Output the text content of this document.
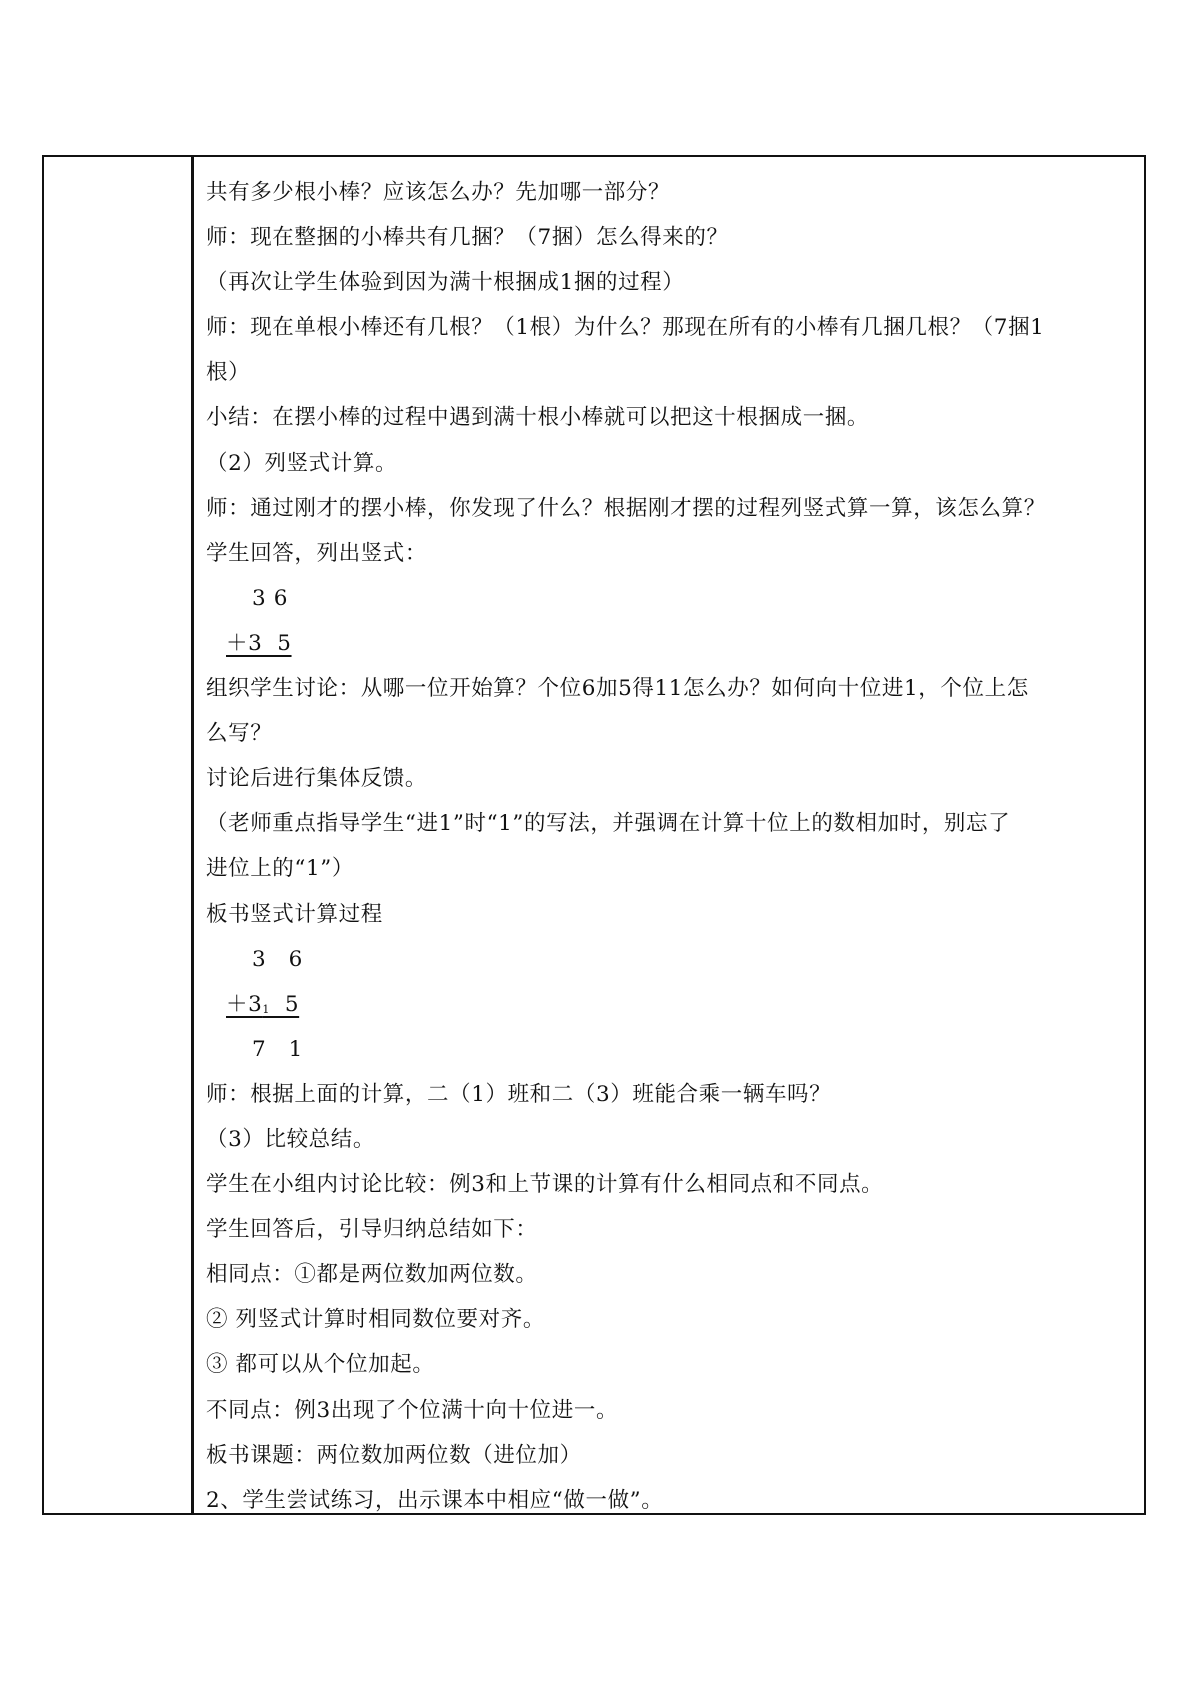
共有多少根小棒？应该怎么办？先加哪一部分？
师：现在整捆的小棒共有几捆？（7捆）怎么得来的？
（再次让学生体验到因为满十根捆成1捆的过程）
师：现在单根小棒还有几根？（1根）为什么？那现在所有的小棒有几捆几根？（7捆1
根）
小结：在摆小棒的过程中遇到满十根小棒就可以把这十根捆成一捆。
（2）列竖式计算。
师：通过刚才的摆小棒，你发现了什么？根据刚才摆的过程列竖式算一算，该怎么算？
学生回答，列出竖式：
3 6
＋3  5
组织学生讨论：从哪一位开始算？个位6加5得11怎么办？如何向十位进1，个位上怎
么写？
讨论后进行集体反馈。
（老师重点指导学生“进1”时“1”的写法，并强调在计算十位上的数相加时，别忘了
进位上的“1”）
板书竖式计算过程
3   6
$+3_1$  5
7   1
师：根据上面的计算，二（1）班和二（3）班能合乘一辆车吗？
（3）比较总结。
学生在小组内讨论比较：例3和上节课的计算有什么相同点和不同点。
学生回答后，引导归纳总结如下：
相同点：①都是两位数加两位数。
② 列竖式计算时相同数位要对齐。
③ 都可以从个位加起。
不同点：例3出现了个位满十向十位进一。
板书课题：两位数加两位数（进位加）
2、学生尝试练习，出示课本中相应“做一做”。
